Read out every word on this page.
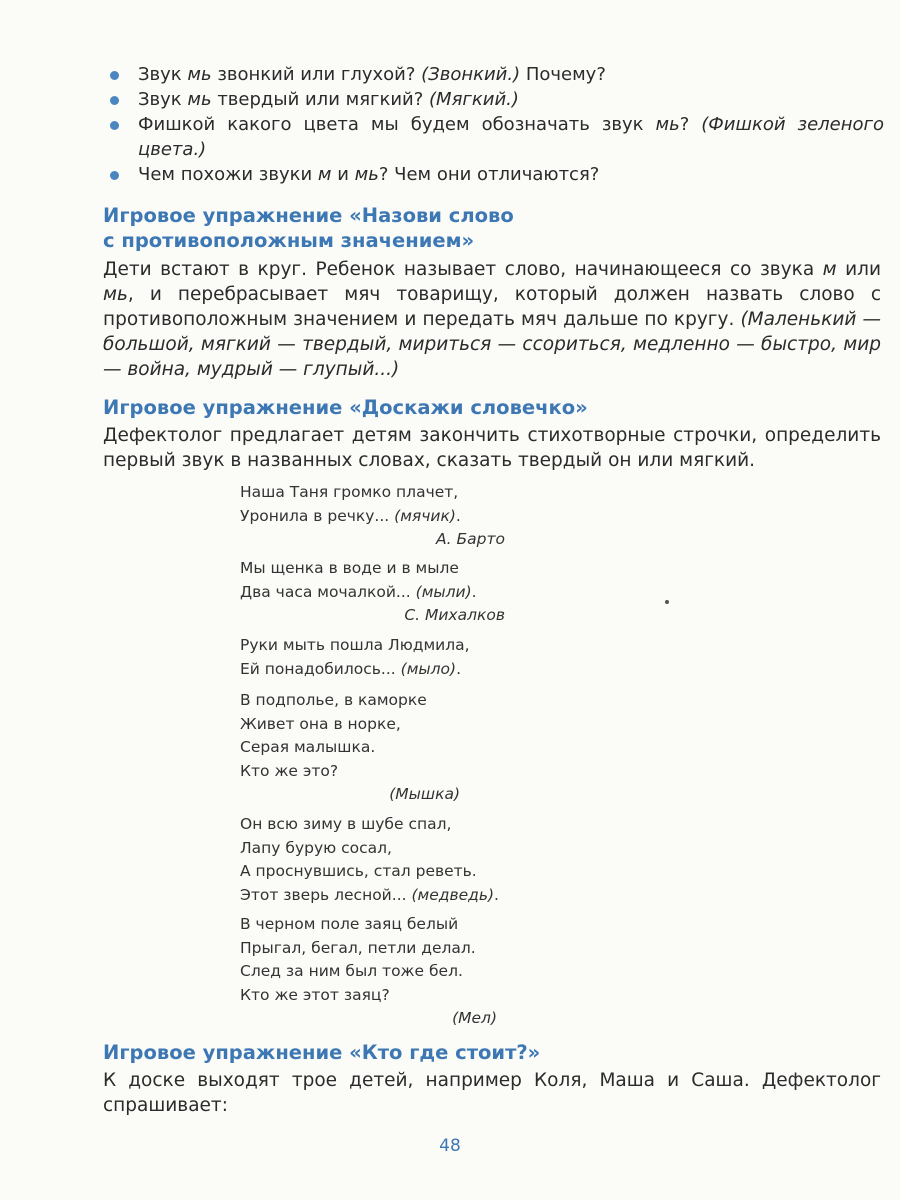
Звук мь звонкий или глухой? (Звонкий.) Почему?
Звук мь твердый или мягкий? (Мягкий.)
Фишкой какого цвета мы будем обозначать звук мь? (Фишкой зеленого
цвета.)
Чем похожи звуки м и мь? Чем они отличаются?
Игровое упражнение «Назови слово
с противоположным значением»

Дети встают в круг. Ребенок называет слово, начинающееся со звука м или мь, и перебрасывает мяч товарищу, который должен назвать слово с противоположным значением и передать мяч дальше по кругу. (Маленький — большой, мягкий — твердый, мириться — ссориться, медленно — быстро, мир — война, мудрый — глупый...)

Игровое упражнение «Доскажи словечко»

Дефектолог предлагает детям закончить стихотворные строчки, определить первый звук в названных словах, сказать твердый он или мягкий.

Наша Таня громко плачет,
Уронила в речку... (мячик).
А. Барто
Мы щенка в воде и в мыле
Два часа мочалкой... (мыли).
С. Михалков
Руки мыть пошла Людмила,
Ей понадобилось... (мыло).
В подполье, в каморке
Живет она в норке,
Серая малышка.
Кто же это?
(Мышка)
Он всю зиму в шубе спал,
Лапу бурую сосал,
А проснувшись, стал реветь.
Этот зверь лесной... (медведь).
В черном поле заяц белый
Прыгал, бегал, петли делал.
След за ним был тоже бел.
Кто же этот заяц?
(Мел)
Игровое упражнение «Кто где стоит?»

К доске выходят трое детей, например Коля, Маша и Саша. Дефектолог спрашивает:

48
